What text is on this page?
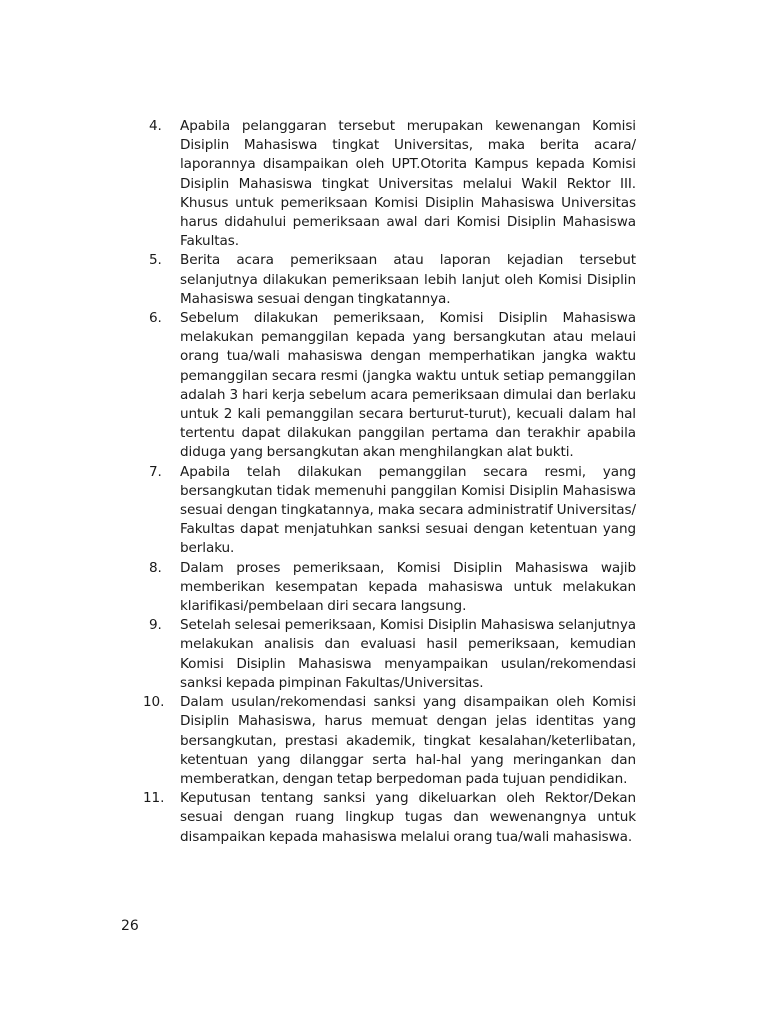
4.	Apabila pelanggaran tersebut merupakan kewenangan Komisi Disiplin Mahasiswa tingkat Universitas, maka berita acara/ laporannya disampaikan oleh UPT.Otorita Kampus kepada Komisi Disiplin Mahasiswa tingkat Universitas melalui Wakil Rektor III. Khusus untuk pemeriksaan Komisi Disiplin Mahasiswa Universitas harus didahului pemeriksaan awal dari Komisi Disiplin Mahasiswa Fakultas.
5.	Berita acara pemeriksaan atau laporan kejadian tersebut selanjutnya dilakukan pemeriksaan lebih lanjut oleh Komisi Disiplin Mahasiswa sesuai dengan tingkatannya.
6.	Sebelum dilakukan pemeriksaan, Komisi Disiplin Mahasiswa melakukan pemanggilan kepada yang bersangkutan atau melaui orang tua/wali mahasiswa dengan memperhatikan jangka waktu pemanggilan secara resmi (jangka waktu untuk setiap pemanggilan adalah 3 hari kerja sebelum acara pemeriksaan dimulai dan berlaku untuk 2 kali pemanggilan secara berturut-turut), kecuali dalam hal tertentu dapat dilakukan panggilan pertama dan terakhir apabila diduga yang bersangkutan akan menghilangkan alat bukti.
7.	Apabila telah dilakukan pemanggilan secara resmi, yang bersangkutan tidak memenuhi panggilan Komisi Disiplin Mahasiswa sesuai dengan tingkatannya, maka secara administratif Universitas/ Fakultas dapat menjatuhkan sanksi sesuai dengan ketentuan yang berlaku.
8.	Dalam proses pemeriksaan, Komisi Disiplin Mahasiswa wajib memberikan kesempatan kepada mahasiswa untuk melakukan klarifikasi/pembelaan diri secara langsung.
9.	Setelah selesai pemeriksaan, Komisi Disiplin Mahasiswa selanjutnya melakukan analisis dan evaluasi hasil pemeriksaan, kemudian Komisi Disiplin Mahasiswa menyampaikan usulan/rekomendasi sanksi kepada pimpinan Fakultas/Universitas.
10.	Dalam usulan/rekomendasi sanksi yang disampaikan oleh Komisi Disiplin Mahasiswa, harus memuat dengan jelas identitas yang bersangkutan, prestasi akademik, tingkat kesalahan/keterlibatan, ketentuan yang dilanggar serta hal-hal yang meringankan dan memberatkan, dengan tetap berpedoman pada tujuan pendidikan.
11.	Keputusan tentang sanksi yang dikeluarkan oleh Rektor/Dekan sesuai dengan ruang lingkup tugas dan wewenangnya untuk disampaikan kepada mahasiswa melalui orang tua/wali mahasiswa.
26
